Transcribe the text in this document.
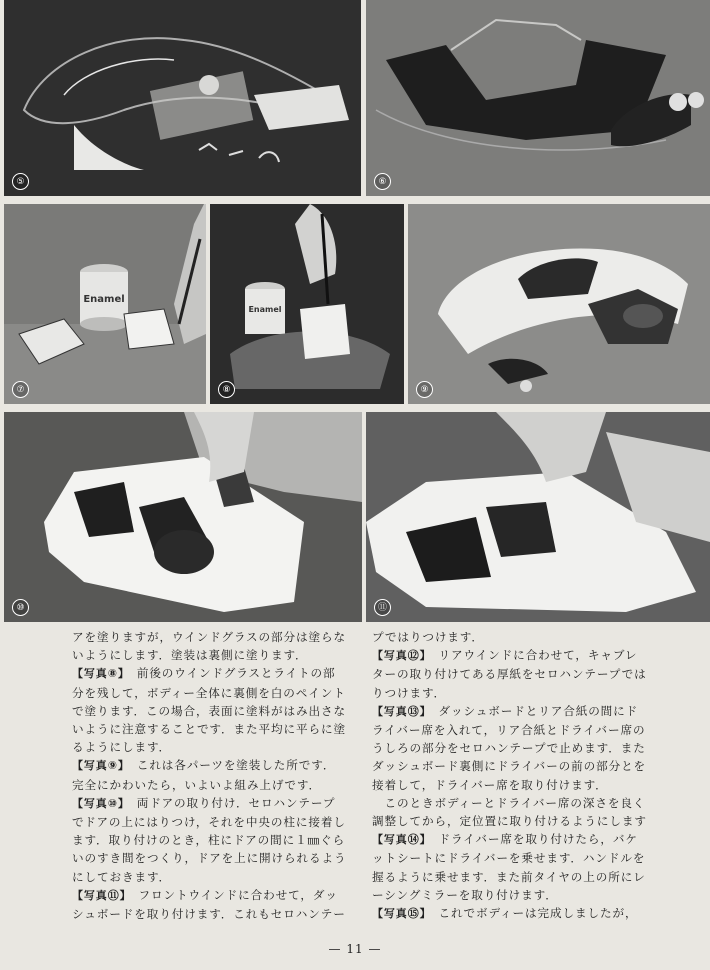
⑤	⑥
Enamel
⑦
Enamel
⑧	⑨
⑩	⑪

アを塗りますが，ウインドグラスの部分は塗らな

いようにします．塗装は裏側に塗ります．

【写真⑧】　前後のウインドグラスとライトの部

分を残して，ボディー全体に裏側を白のペイント

で塗ります．この場合，表面に塗料がはみ出さな

いように注意することです．また平均に平らに塗

るようにします．

【写真⑨】　これは各パーツを塗装した所です．

完全にかわいたら，いよいよ組み上げです．

【写真⑩】　両ドアの取り付け．セロハンテープ

でドアの上にはりつけ，それを中央の柱に接着し

ます．取り付けのとき，柱にドアの間に１㎜ぐら

いのすき間をつくり，ドアを上に開けられるよう

にしておきます．

【写真⑪】　フロントウインドに合わせて，ダッ

シュボードを取り付けます．これもセロハンテー

プではりつけます．

【写真⑫】　リアウインドに合わせて，キャブレ

ターの取り付けてある厚紙をセロハンテープでは

りつけます．

【写真⑬】　ダッシュボードとリア合紙の間にド

ライバー席を入れて，リア合紙とドライバー席の

うしろの部分をセロハンテープで止めます．また

ダッシュボード裏側にドライバーの前の部分とを

接着して，ドライバー席を取り付けます．

　このときボディーとドライバー席の深さを良く

調整してから，定位置に取り付けるようにします

【写真⑭】　ドライバー席を取り付けたら，バケ

ットシートにドライバーを乗せます．ハンドルを

握るように乗せます．また前タイヤの上の所にレ

ーシングミラーを取り付けます．

【写真⑮】　これでボディーは完成しましたが，

— 11 —
